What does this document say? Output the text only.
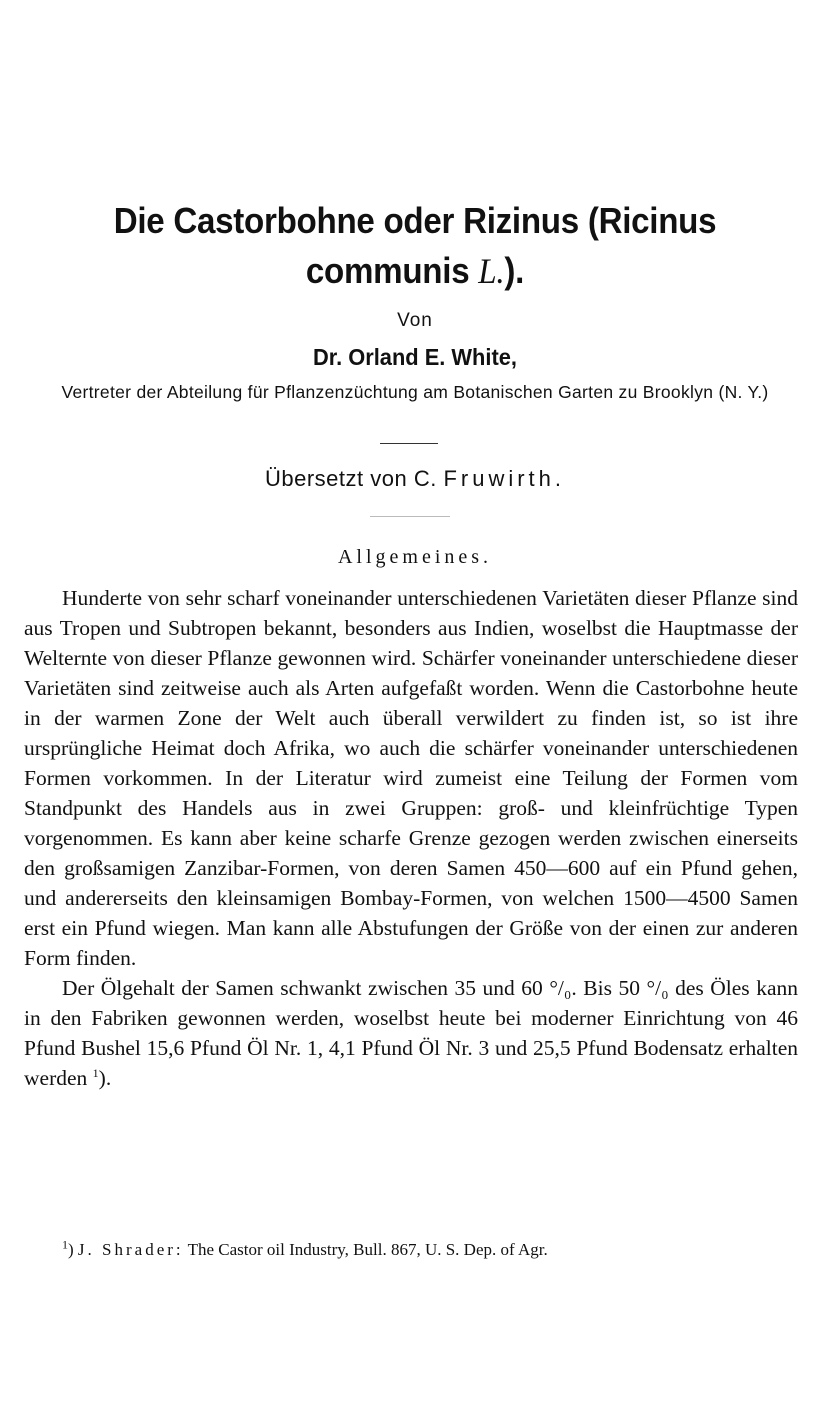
Die Castorbohne oder Rizinus (Ricinus communis L.).
Von
Dr. Orland E. White,
Vertreter der Abteilung für Pflanzenzüchtung am Botanischen Garten zu Brooklyn (N. Y.)
Übersetzt von C. Fruwirth.
Allgemeines.

Hunderte von sehr scharf voneinander unterschiedenen Varietäten dieser Pflanze sind aus Tropen und Subtropen bekannt, besonders aus Indien, woselbst die Hauptmasse der Welternte von dieser Pflanze gewonnen wird. Schärfer voneinander unterschiedene dieser Varietäten sind zeitweise auch als Arten aufgefaßt worden. Wenn die Castorbohne heute in der warmen Zone der Welt auch überall verwildert zu finden ist, so ist ihre ursprüngliche Heimat doch Afrika, wo auch die schärfer voneinander unterschiedenen Formen vorkommen. In der Literatur wird zumeist eine Teilung der Formen vom Standpunkt des Handels aus in zwei Gruppen: groß- und kleinfrüchtige Typen vorgenommen. Es kann aber keine scharfe Grenze gezogen werden zwischen einerseits den großsamigen Zanzibar-Formen, von deren Samen 450—600 auf ein Pfund gehen, und andererseits den kleinsamigen Bombay-Formen, von welchen 1500—4500 Samen erst ein Pfund wiegen. Man kann alle Abstufungen der Größe von der einen zur anderen Form finden.

Der Ölgehalt der Samen schwankt zwischen 35 und 60 °/₀. Bis 50 °/₀ des Öles kann in den Fabriken gewonnen werden, woselbst heute bei moderner Einrichtung von 46 Pfund Bushel 15,6 Pfund Öl Nr. 1, 4,1 Pfund Öl Nr. 3 und 25,5 Pfund Bodensatz erhalten werden $^1$).

$^1$) J. Shrader: The Castor oil Industry, Bull. 867, U. S. Dep. of Agr.
